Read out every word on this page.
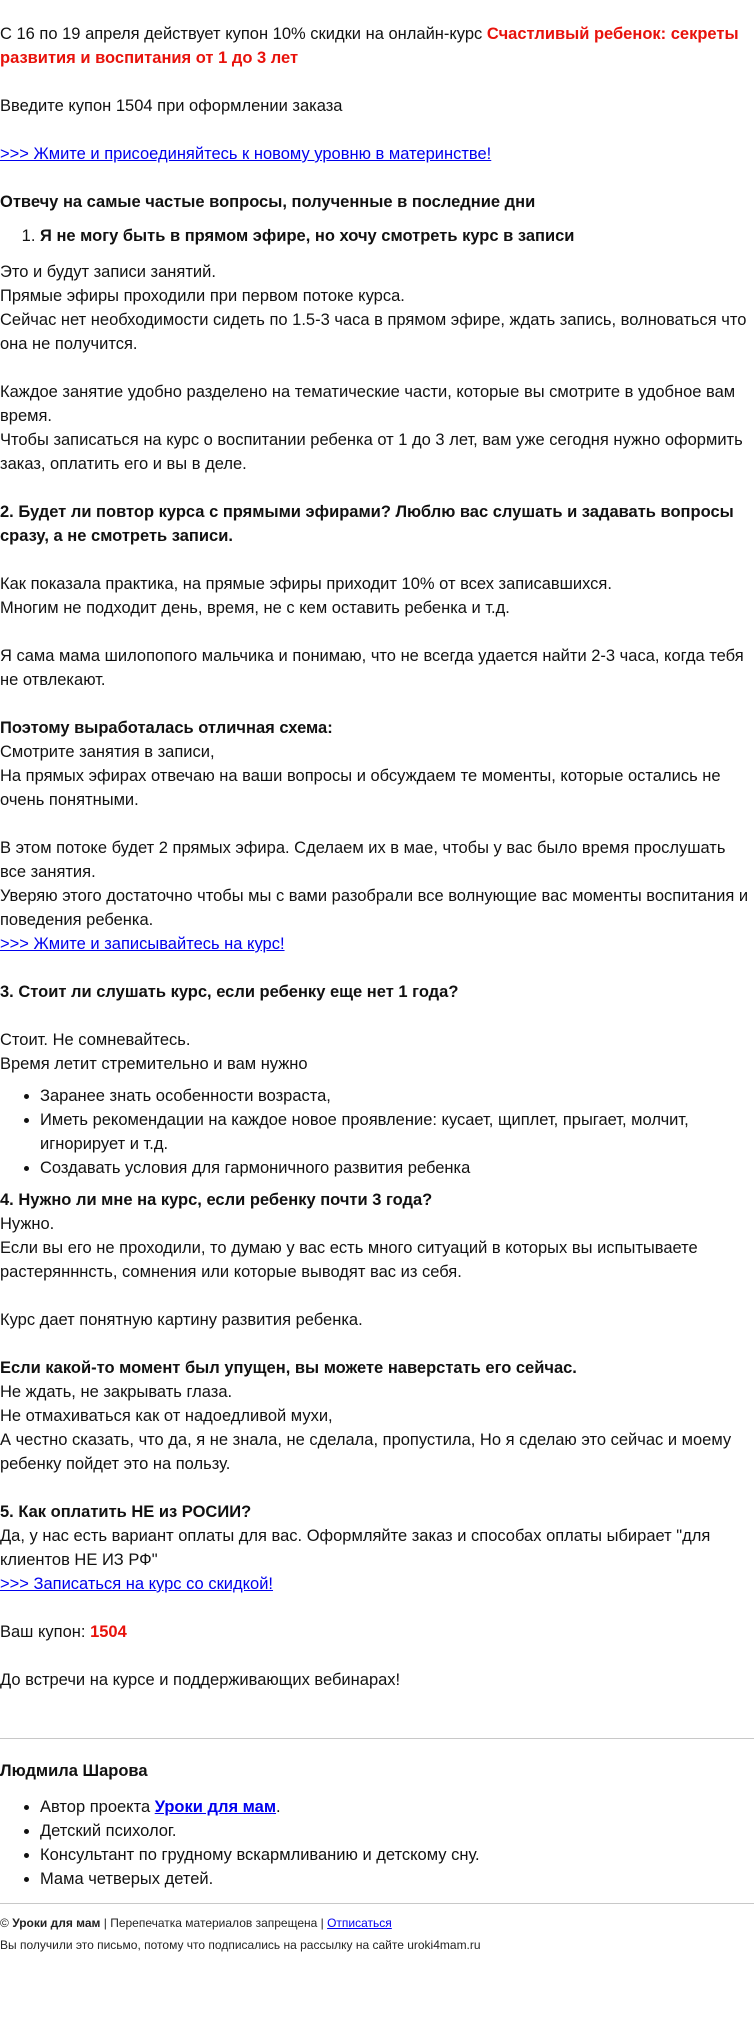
С 16 по 19 апреля действует купон 10% скидки на онлайн-курс Счастливый ребенок: секреты развития и воспитания от 1 до 3 лет

Введите купон 1504 при оформлении заказа

>>> Жмите и присоединяйтесь к новому уровню в материнстве!

Отвечу на самые частые вопросы, полученные в последние дни

1. Я не могу быть в прямом эфире, но хочу смотреть курс в записи

Это и будут записи занятий.

Прямые эфиры проходили при первом потоке курса.

Сейчас нет необходимости сидеть по 1.5-3 часа в прямом эфире, ждать запись, волноваться что она не получится.

Каждое занятие удобно разделено на тематические части, которые вы смотрите в удобное вам время.

Чтобы записаться на курс о воспитании ребенка от 1 до 3 лет, вам уже сегодня нужно оформить заказ, оплатить его и вы в деле.

2. Будет ли повтор курса с прямыми эфирами? Люблю вас слушать и задавать вопросы сразу, а не смотреть записи.

Как показала практика, на прямые эфиры приходит 10% от всех записавшихся.

Многим не подходит день, время, не с кем оставить ребенка и т.д.

Я сама мама шилопопого мальчика и понимаю, что не всегда удается найти 2-3 часа, когда тебя не отвлекают.

Поэтому выработалась отличная схема:

Смотрите занятия в записи,

На прямых эфирах отвечаю на ваши вопросы и обсуждаем те моменты, которые остались не очень понятными.

В этом потоке будет 2 прямых эфира. Сделаем их в мае, чтобы у вас было время прослушать все занятия.

Уверяю этого достаточно чтобы мы с вами разобрали все волнующие вас моменты воспитания и поведения ребенка.

>>> Жмите и записывайтесь на курс!

3. Стоит ли слушать курс, если ребенку еще нет 1 года?

Стоит. Не сомневайтесь.

Время летит стремительно и вам нужно

• Заранее знать особенности возраста,
• Иметь рекомендации на каждое новое проявление: кусает, щиплет, прыгает, молчит, игнорирует и т.д.
• Создавать условия для гармоничного развития ребенка

4. Нужно ли мне на курс, если ребенку почти 3 года?

Нужно.

Если вы его не проходили, то думаю у вас есть много ситуаций в которых вы испытываете растерянннсть, сомнения или которые выводят вас из себя.

Курс дает понятную картину развития ребенка.

Если какой-то момент был упущен, вы можете наверстать его сейчас.

Не ждать, не закрывать глаза.

Не отмахиваться как от надоедливой мухи,

А честно сказать, что да, я не знала, не сделала, пропустила, Но я сделаю это сейчас и моему ребенку пойдет это на пользу.

5. Как оплатить НЕ из РОСИИ?

Да, у нас есть вариант оплаты для вас. Оформляйте заказ и способах оплаты ыбирает "для клиентов НЕ ИЗ РФ"

>>> Записаться на курс со скидкой!

Ваш купон: 1504

До встречи на курсе и поддерживающих вебинарах!

Людмила Шарова

• Автор проекта Уроки для мам.
• Детский психолог.
• Консультант по грудному вскармливанию и детскому сну.
• Мама четверых детей.

© Уроки для мам | Перепечатка материалов запрещена | Отписаться

Вы получили это письмо, потому что подписались на рассылку на сайте uroki4mam.ru
